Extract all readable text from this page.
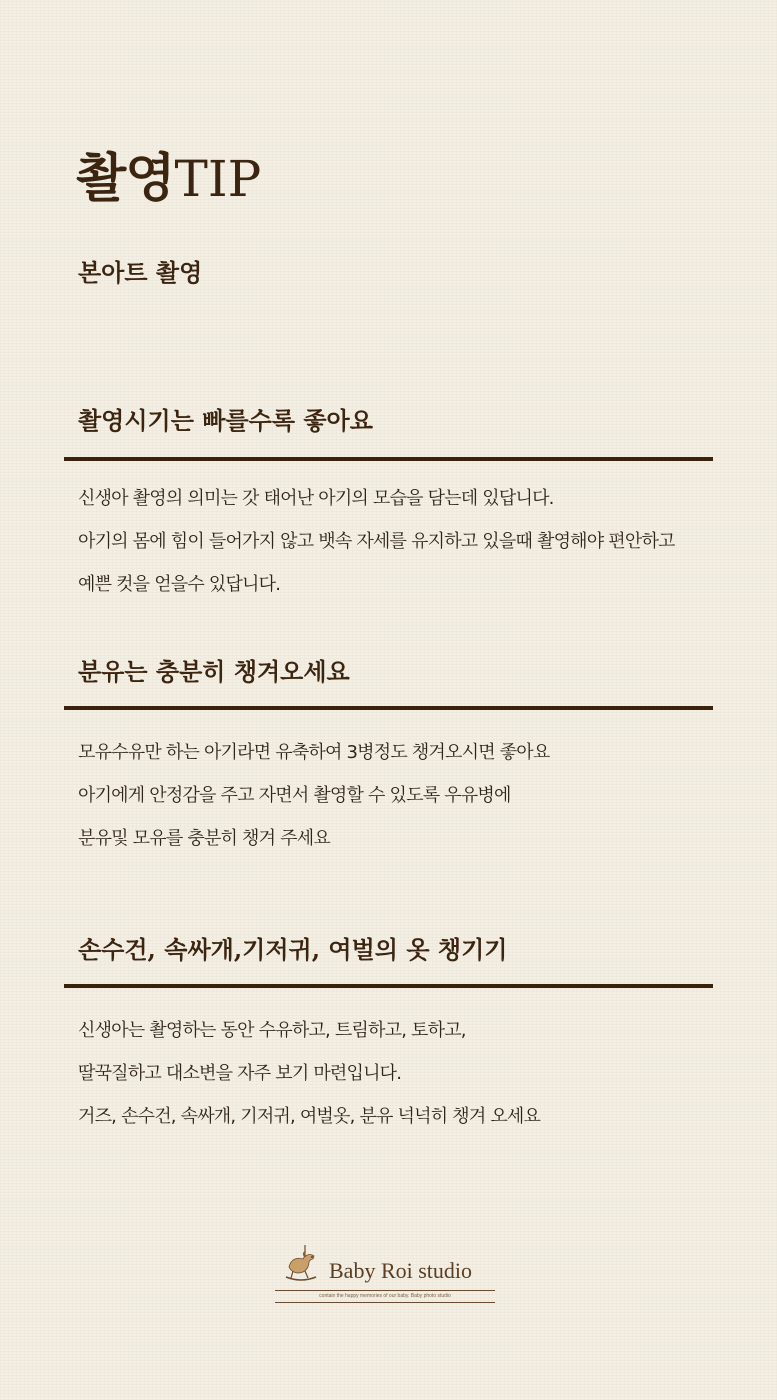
촬영TIP
본아트 촬영
촬영시기는 빠를수록 좋아요
신생아 촬영의 의미는 갓 태어난 아기의 모습을 담는데 있답니다.
아기의 몸에 힘이 들어가지 않고 뱃속 자세를 유지하고 있을때 촬영해야 편안하고
예쁜 컷을 얻을수 있답니다.
분유는 충분히 챙겨오세요
모유수유만 하는 아기라면 유축하여 3병정도 챙겨오시면 좋아요
아기에게 안정감을 주고 자면서 촬영할 수 있도록 우유병에
분유및 모유를 충분히 챙겨 주세요
손수건, 속싸개,기저귀, 여벌의 옷 챙기기
신생아는 촬영하는 동안 수유하고, 트림하고, 토하고,
딸꾹질하고 대소변을 자주 보기 마련입니다.
거즈, 손수건, 속싸개, 기저귀, 여벌옷, 분유 넉넉히 챙겨 오세요
Baby Roi studio
contain the happy memories of our baby. Baby photo studio
